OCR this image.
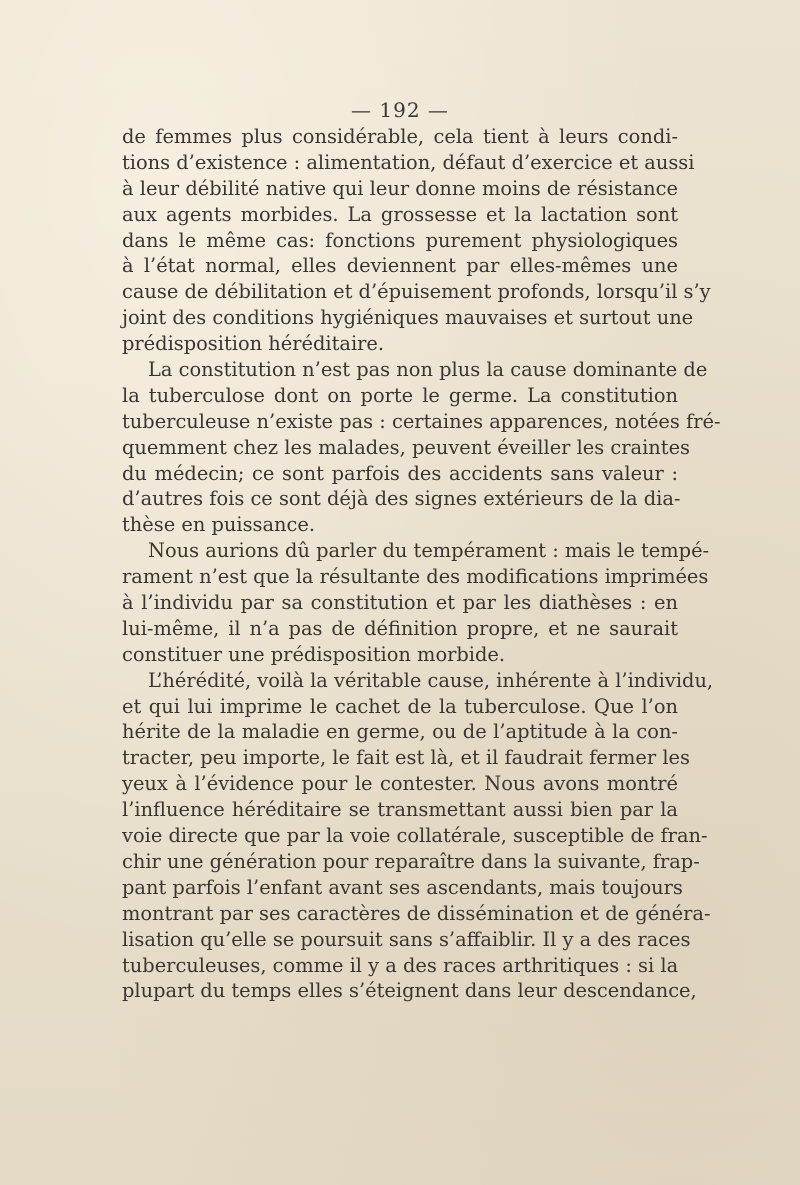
— 192 —
de femmes plus considérable, cela tient à leurs condi-
tions d’existence : alimentation, défaut d’exercice et aussi
à leur débilité native qui leur donne moins de résistance
aux agents morbides. La grossesse et la lactation sont
dans le même cas: fonctions purement physiologiques
à l’état normal, elles deviennent par elles-mêmes une
cause de débilitation et d’épuisement profonds, lorsqu’il s’y
joint des conditions hygiéniques mauvaises et surtout une
prédisposition héréditaire.
La constitution n’est pas non plus la cause dominante de
la tuberculose dont on porte le germe. La constitution
tuberculeuse n’existe pas : certaines apparences, notées fré-
quemment chez les malades, peuvent éveiller les craintes
du médecin; ce sont parfois des accidents sans valeur :
d’autres fois ce sont déjà des signes extérieurs de la dia-
thèse en puissance.
Nous aurions dû parler du tempérament : mais le tempé-
rament n’est que la résultante des modifications imprimées
à l’individu par sa constitution et par les diathèses : en
lui-même, il n’a pas de définition propre, et ne saurait
constituer une prédisposition morbide.
L’hérédité, voilà la véritable cause, inhérente à l’individu,
et qui lui imprime le cachet de la tuberculose. Que l’on
hérite de la maladie en germe, ou de l’aptitude à la con-
tracter, peu importe, le fait est là, et il faudrait fermer les
yeux à l’évidence pour le contester. Nous avons montré
l’influence héréditaire se transmettant aussi bien par la
voie directe que par la voie collatérale, susceptible de fran-
chir une génération pour reparaître dans la suivante, frap-
pant parfois l’enfant avant ses ascendants, mais toujours
montrant par ses caractères de dissémination et de généra-
lisation qu’elle se poursuit sans s’affaiblir. Il y a des races
tuberculeuses, comme il y a des races arthritiques : si la
plupart du temps elles s’éteignent dans leur descendance,
